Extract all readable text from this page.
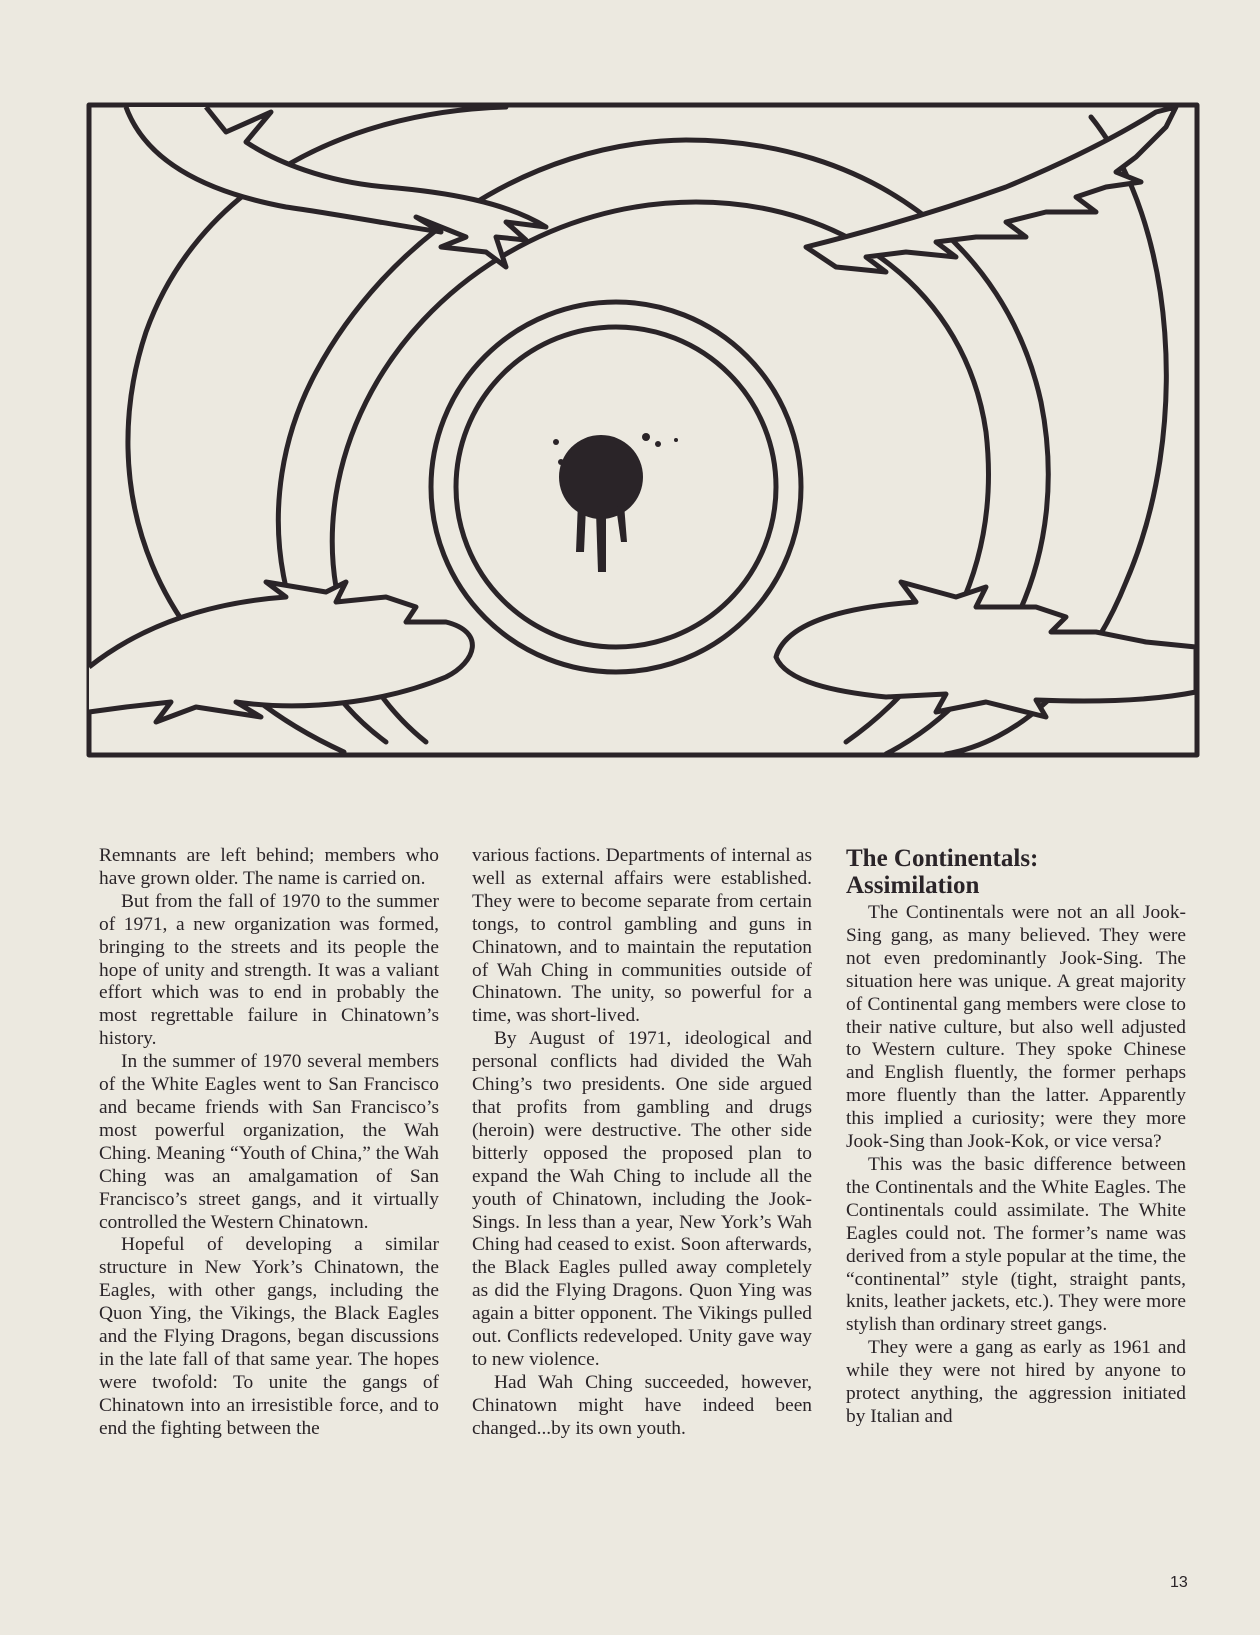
Remnants are left behind; members who have grown older. The name is carried on.

But from the fall of 1970 to the summer of 1971, a new organization was formed, bringing to the streets and its people the hope of unity and strength. It was a valiant effort which was to end in probably the most regrettable failure in Chinatown’s history.

In the summer of 1970 several members of the White Eagles went to San Francisco and became friends with San Francisco’s most powerful organization, the Wah Ching. Meaning “Youth of China,” the Wah Ching was an amalgamation of San Francisco’s street gangs, and it virtually controlled the Western Chinatown.

Hopeful of developing a similar structure in New York’s Chinatown, the Eagles, with other gangs, including the Quon Ying, the Vikings, the Black Eagles and the Flying Dragons, began discussions in the late fall of that same year. The hopes were twofold: To unite the gangs of Chinatown into an irresistible force, and to end the fighting between the

various factions. Departments of internal as well as external affairs were established. They were to become separate from certain tongs, to control gambling and guns in Chinatown, and to maintain the reputation of Wah Ching in communities outside of Chinatown. The unity, so powerful for a time, was short-lived.

By August of 1971, ideological and personal conflicts had divided the Wah Ching’s two presidents. One side argued that profits from gambling and drugs (heroin) were destructive. The other side bitterly opposed the proposed plan to expand the Wah Ching to include all the youth of Chinatown, including the Jook-Sings. In less than a year, New York’s Wah Ching had ceased to exist. Soon afterwards, the Black Eagles pulled away completely as did the Flying Dragons. Quon Ying was again a bitter opponent. The Vikings pulled out. Conflicts redeveloped. Unity gave way to new violence.

Had Wah Ching succeeded, however, Chinatown might have indeed been changed...by its own youth.

The Continentals:
Assimilation

The Continentals were not an all Jook-Sing gang, as many believed. They were not even predominantly Jook-Sing. The situation here was unique. A great majority of Continental gang members were close to their native culture, but also well adjusted to Western culture. They spoke Chinese and English fluently, the former perhaps more fluently than the latter. Apparently this implied a curiosity; were they more Jook-Sing than Jook-Kok, or vice versa?

This was the basic difference between the Continentals and the White Eagles. The Continentals could assimilate. The White Eagles could not. The former’s name was derived from a style popular at the time, the “continental” style (tight, straight pants, knits, leather jackets, etc.). They were more stylish than ordinary street gangs.

They were a gang as early as 1961 and while they were not hired by anyone to protect anything, the aggression initiated by Italian and

13
